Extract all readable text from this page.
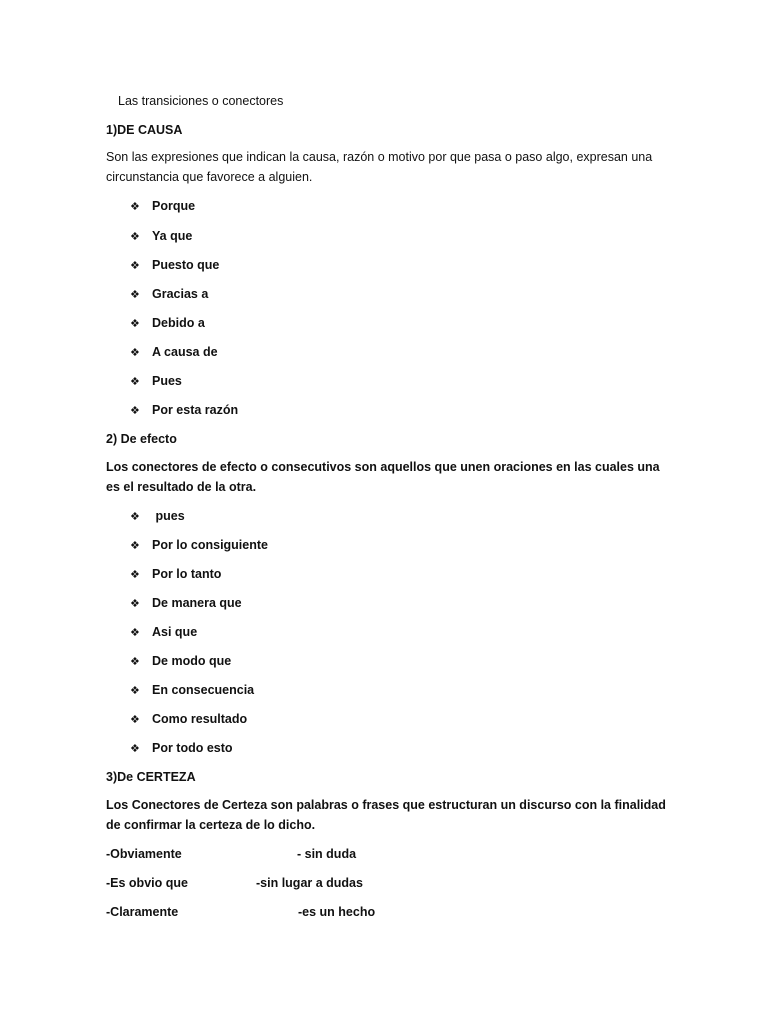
Las transiciones o conectores
1)DE CAUSA
Son las expresiones que indican la causa, razón o motivo por que pasa o paso algo, expresan una circunstancia que favorece a alguien.
❖ Porque
❖ Ya que
❖ Puesto que
❖ Gracias a
❖ Debido a
❖ A causa de
❖ Pues
❖ Por esta razón
2) De efecto
Los conectores de efecto o consecutivos son aquellos que unen oraciones en las cuales una es el resultado de la otra.
❖ pues
❖ Por lo consiguiente
❖ Por lo tanto
❖ De manera que
❖ Asi que
❖ De modo que
❖ En consecuencia
❖ Como resultado
❖ Por todo esto
3)De CERTEZA
Los Conectores de Certeza son palabras o frases que estructuran un discurso con la finalidad de confirmar la certeza de lo dicho.
-Obviamente	- sin duda
-Es obvio que	-sin lugar a dudas
-Claramente	-es un hecho
